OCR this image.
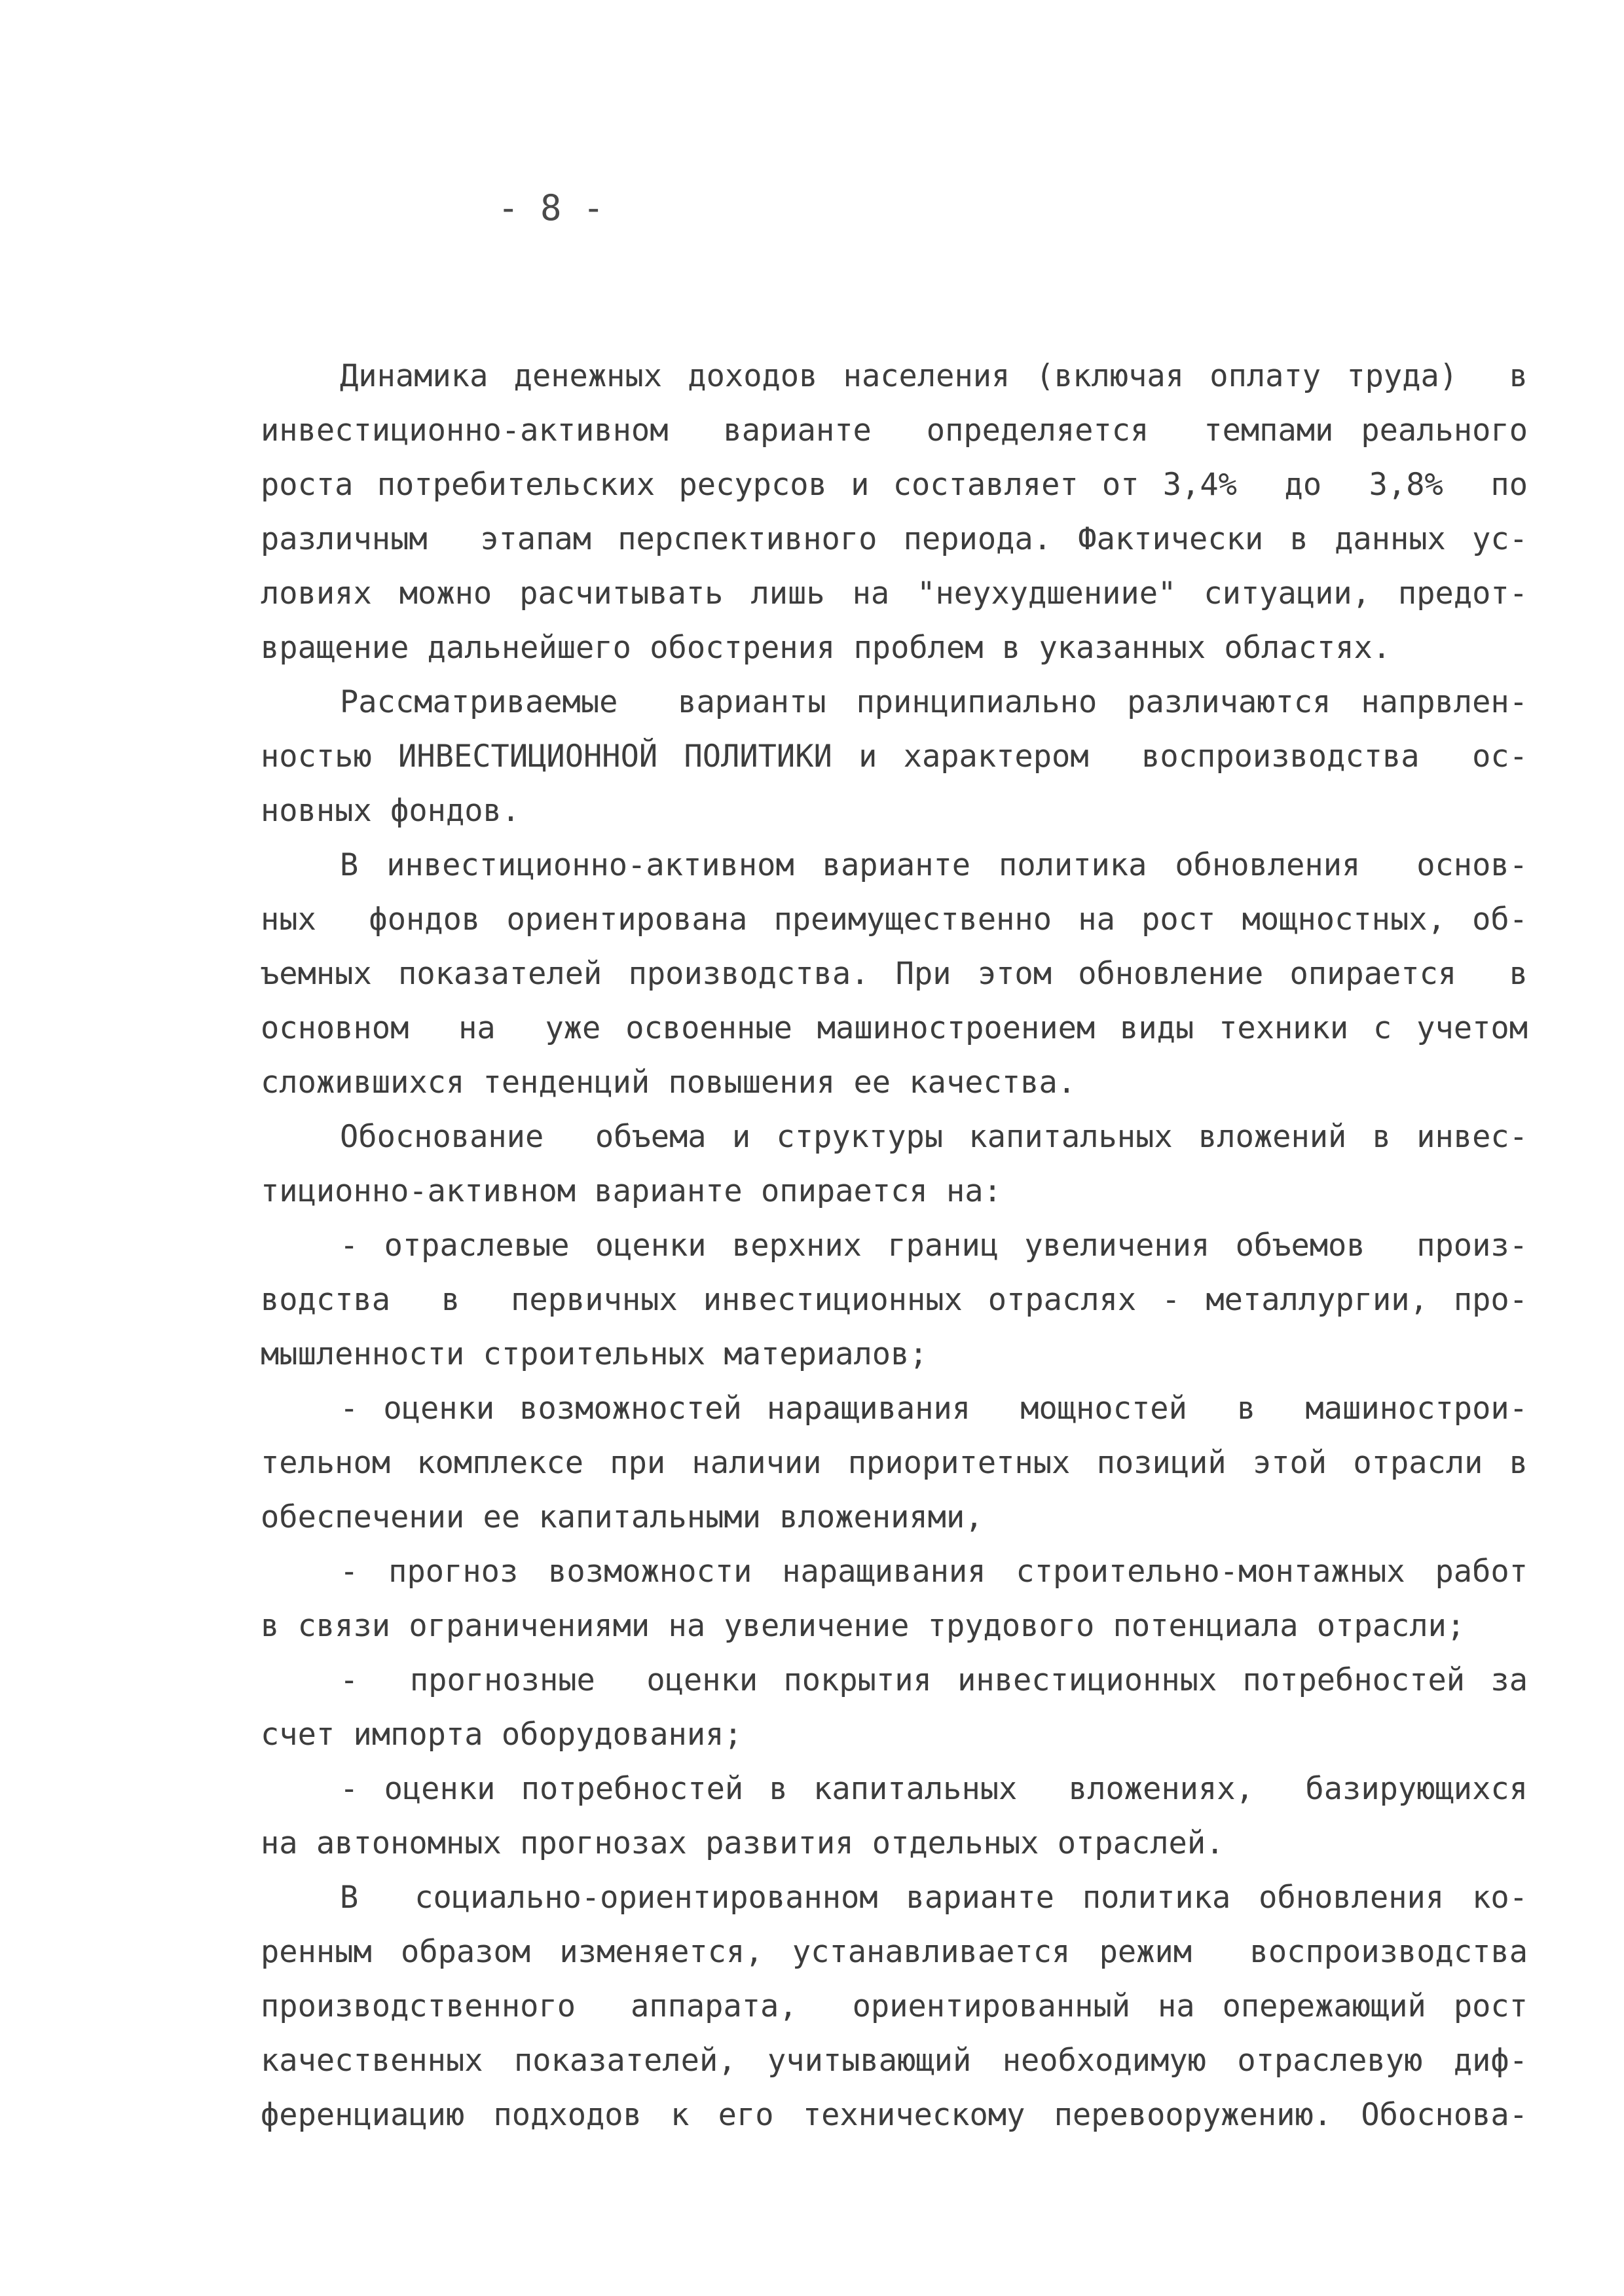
- 8 -
Динамика денежных доходов населения (включая оплату труда)  в
инвестиционно-активном  варианте  определяется  темпами реального
роста потребительских ресурсов и составляет от 3,4%  до  3,8%  по
различным  этапам перспективного периода. Фактически в данных ус-
ловиях можно расчитывать лишь на "неухудшениие" ситуации, предот-
вращение дальнейшего обострения проблем в указанных областях.
Рассматриваемые  варианты принципиально различаются напрвлен-
ностью ИНВЕСТИЦИОННОЙ ПОЛИТИКИ и характером  воспроизводства  ос-
новных фондов.
В инвестиционно-активном варианте политика обновления  основ-
ных  фондов ориентирована преимущественно на рост мощностных, об-
ъемных показателей производства. При этом обновление опирается  в
основном  на  уже освоенные машиностроением виды техники с учетом
сложившихся тенденций повышения ее качества.
Обоснование  объема и структуры капитальных вложений в инвес-
тиционно-активном варианте опирается на:
- отраслевые оценки верхних границ увеличения объемов  произ-
водства  в  первичных инвестиционных отраслях - металлургии, про-
мышленности строительных материалов;
- оценки возможностей наращивания  мощностей  в  машинострои-
тельном комплексе при наличии приоритетных позиций этой отрасли в
обеспечении ее капитальными вложениями,
- прогноз возможности наращивания строительно-монтажных работ
в связи ограничениями на увеличение трудового потенциала отрасли;
-  прогнозные  оценки покрытия инвестиционных потребностей за
счет импорта оборудования;
- оценки потребностей в капитальных  вложениях,  базирующихся
на автономных прогнозах развития отдельных отраслей.
В  социально-ориентированном варианте политика обновления ко-
ренным образом изменяется, устанавливается режим  воспроизводства
производственного  аппарата,  ориентированный на опережающий рост
качественных показателей, учитывающий необходимую отраслевую диф-
ференциацию подходов к его техническому перевооружению. Обоснова-
